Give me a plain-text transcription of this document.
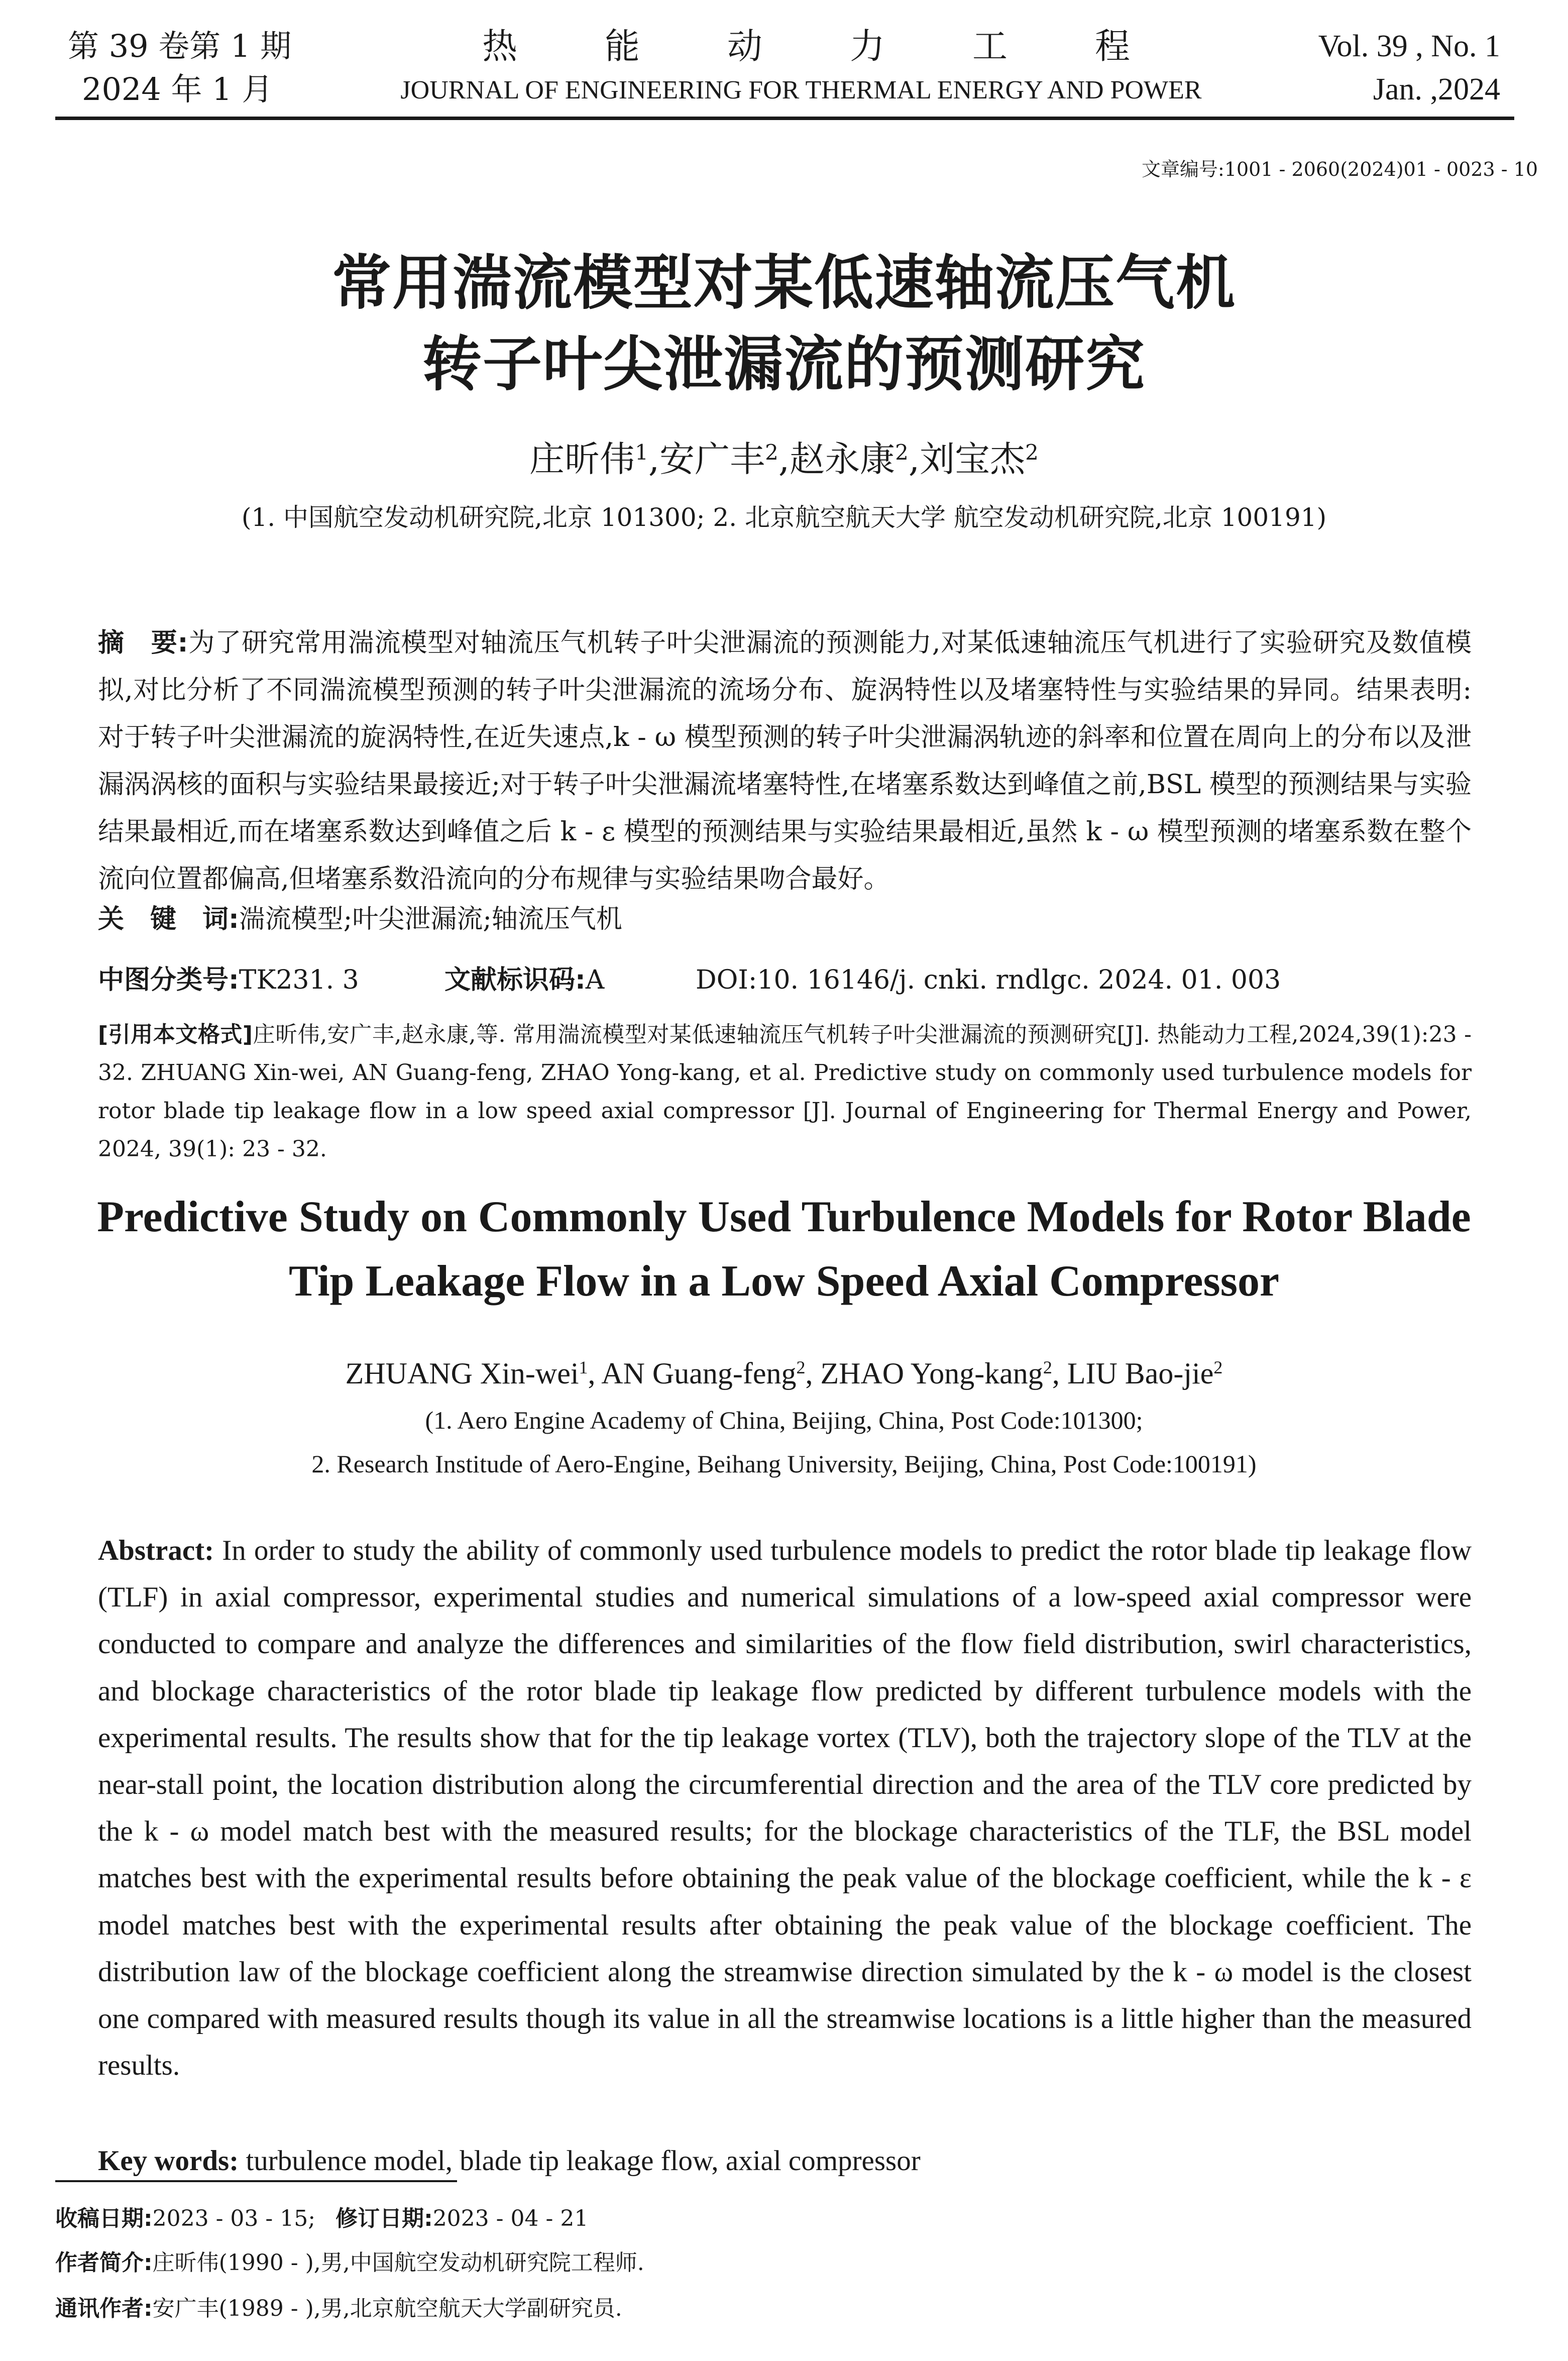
第 39 卷第 1 期
2024 年 1 月
热 能 动 力 工 程
JOURNAL OF ENGINEERING FOR THERMAL ENERGY AND POWER
Vol. 39 , No. 1
Jan. ,2024
文章编号:1001 - 2060(2024)01 - 0023 - 10
常用湍流模型对某低速轴流压气机
转子叶尖泄漏流的预测研究
庄昕伟$^1$,安广丰$^2$,赵永康$^2$,刘宝杰$^2$
(1. 中国航空发动机研究院,北京 101300; 2. 北京航空航天大学 航空发动机研究院,北京 100191)
摘　要:为了研究常用湍流模型对轴流压气机转子叶尖泄漏流的预测能力,对某低速轴流压气机进行了实验研究及数值模拟,对比分析了不同湍流模型预测的转子叶尖泄漏流的流场分布、旋涡特性以及堵塞特性与实验结果的异同。结果表明:对于转子叶尖泄漏流的旋涡特性,在近失速点,k - ω 模型预测的转子叶尖泄漏涡轨迹的斜率和位置在周向上的分布以及泄漏涡涡核的面积与实验结果最接近;对于转子叶尖泄漏流堵塞特性,在堵塞系数达到峰值之前,BSL 模型的预测结果与实验结果最相近,而在堵塞系数达到峰值之后 k - ε 模型的预测结果与实验结果最相近,虽然 k - ω 模型预测的堵塞系数在整个流向位置都偏高,但堵塞系数沿流向的分布规律与实验结果吻合最好。
关　键　词:湍流模型;叶尖泄漏流;轴流压气机
中图分类号:TK231. 3	文献标识码:A	DOI:10. 16146/j. cnki. rndlgc. 2024. 01. 003
[引用本文格式]庄昕伟,安广丰,赵永康,等. 常用湍流模型对某低速轴流压气机转子叶尖泄漏流的预测研究[J]. 热能动力工程,2024,39(1):23 - 32. ZHUANG Xin-wei, AN Guang-feng, ZHAO Yong-kang, et al. Predictive study on commonly used turbulence models for rotor blade tip leakage flow in a low speed axial compressor [J]. Journal of Engineering for Thermal Energy and Power, 2024, 39(1): 23 - 32.
Predictive Study on Commonly Used Turbulence Models for Rotor Blade
Tip Leakage Flow in a Low Speed Axial Compressor
ZHUANG Xin-wei$^1$, AN Guang-feng$^2$, ZHAO Yong-kang$^2$, LIU Bao-jie$^2$
(1. Aero Engine Academy of China, Beijing, China, Post Code:101300;
2. Research Institude of Aero-Engine, Beihang University, Beijing, China, Post Code:100191)
Abstract: In order to study the ability of commonly used turbulence models to predict the rotor blade tip leakage flow (TLF) in axial compressor, experimental studies and numerical simulations of a low-speed axial compressor were conducted to compare and analyze the differences and similarities of the flow field distribution, swirl characteristics, and blockage characteristics of the rotor blade tip leakage flow predicted by different turbulence models with the experimental results. The results show that for the tip leakage vortex (TLV), both the trajectory slope of the TLV at the near-stall point, the location distribution along the circumferential direction and the area of the TLV core predicted by the k - ω model match best with the measured results; for the blockage characteristics of the TLF, the BSL model matches best with the experimental results before obtaining the peak value of the blockage coefficient, while the k - ε model matches best with the experimental results after obtaining the peak value of the blockage coefficient. The distribution law of the blockage coefficient along the streamwise direction simulated by the k - ω model is the closest one compared with measured results though its value in all the streamwise locations is a little higher than the measured results.
Key words: turbulence model, blade tip leakage flow, axial compressor
收稿日期:2023 - 03 - 15; 修订日期:2023 - 04 - 21
作者简介:庄昕伟(1990 - ),男,中国航空发动机研究院工程师.
通讯作者:安广丰(1989 - ),男,北京航空航天大学副研究员.
